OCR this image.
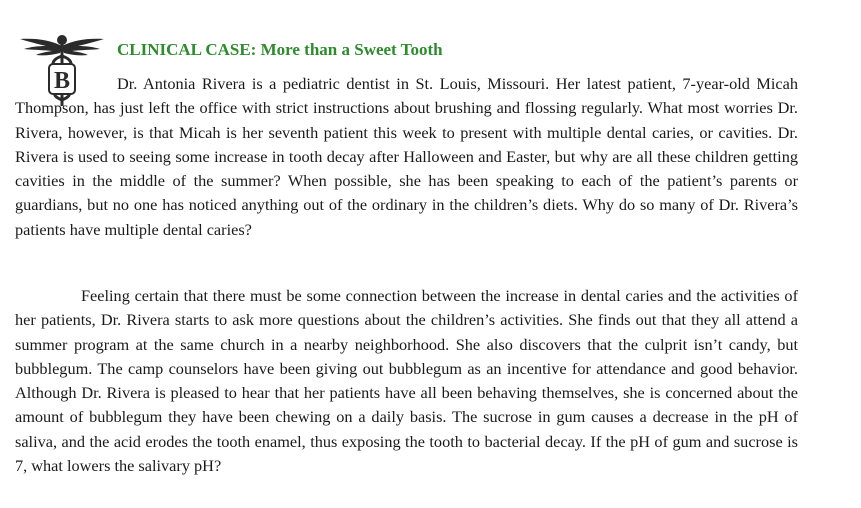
B
CLINICAL CASE: More than a Sweet Tooth

Dr. Antonia Rivera is a pediatric dentist in St. Louis, Missouri. Her latest patient, 7-year-old Micah Thompson, has just left the office with strict instructions about brushing and flossing regularly. What most worries Dr. Rivera, however, is that Micah is her seventh patient this week to present with multiple dental caries, or cavities. Dr. Rivera is used to seeing some increase in tooth decay after Halloween and Easter, but why are all these children getting cavities in the middle of the summer? When possible, she has been speaking to each of the patient’s parents or guardians, but no one has noticed anything out of the ordinary in the children’s diets. Why do so many of Dr. Rivera’s patients have multiple dental caries?

Feeling certain that there must be some connection between the increase in dental caries and the activities of her patients, Dr. Rivera starts to ask more questions about the children’s activities. She finds out that they all attend a summer program at the same church in a nearby neighborhood. She also discovers that the culprit isn’t candy, but bubblegum. The camp counselors have been giving out bubblegum as an incentive for attendance and good behavior. Although Dr. Rivera is pleased to hear that her patients have all been behaving themselves, she is concerned about the amount of bubblegum they have been chewing on a daily basis. The sucrose in gum causes a decrease in the pH of saliva, and the acid erodes the tooth enamel, thus exposing the tooth to bacterial decay. If the pH of gum and sucrose is 7, what lowers the salivary pH?
